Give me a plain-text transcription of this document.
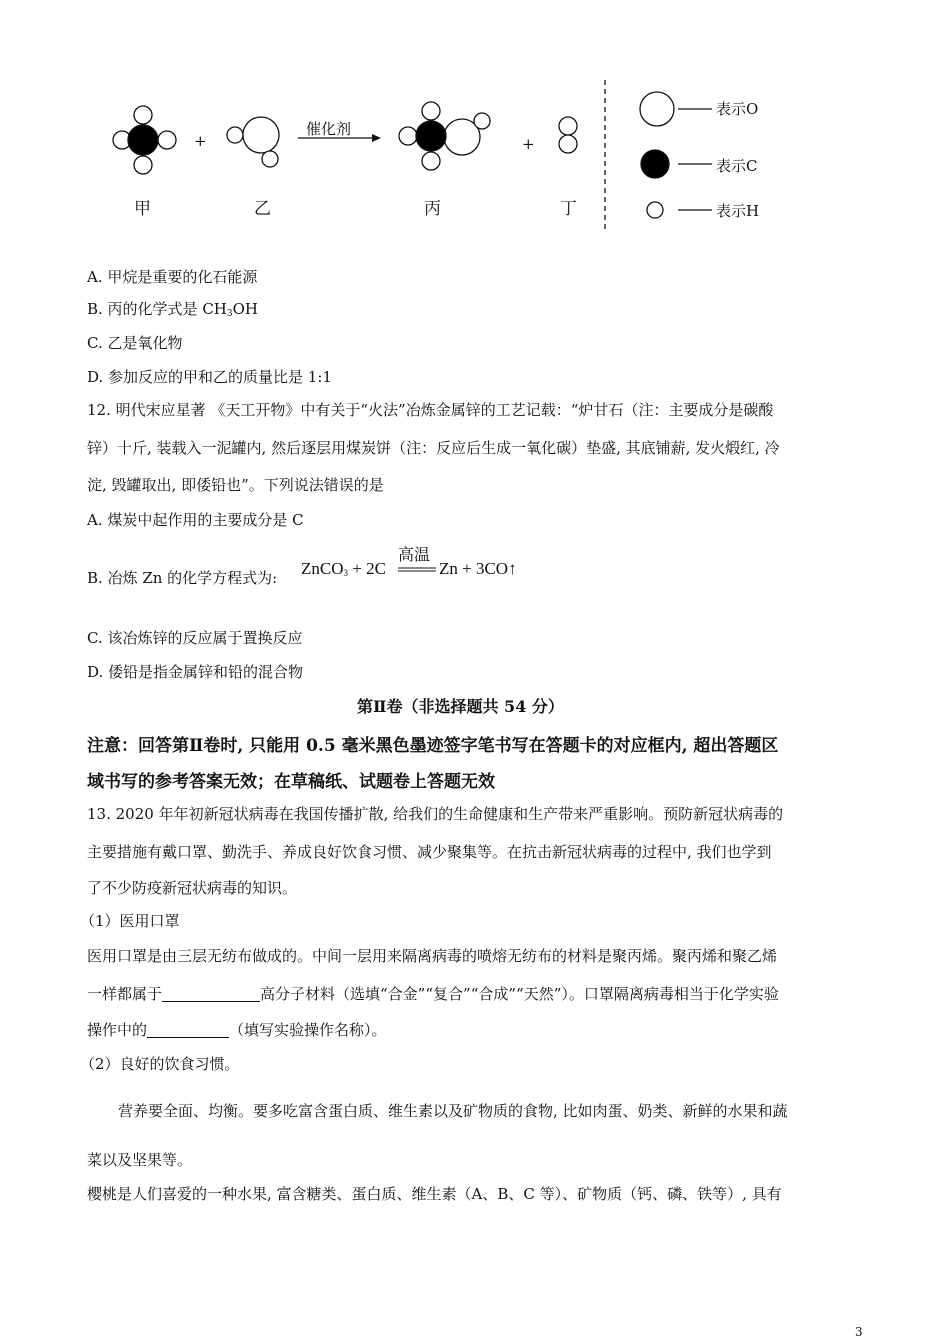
催化剂
+	+
甲	乙	丙	丁
表示O
表示C
表示H
A. 甲烷是重要的化石能源
B. 丙的化学式是 $CH_3OH$
C. 乙是氧化物
D. 参加反应的甲和乙的质量比是 1:1
12. 明代宋应星著 《天工开物》中有关于“火法”冶炼金属锌的工艺记载：“炉甘石（注：主要成分是碳酸
锌）十斤, 装载入一泥罐内, 然后逐层用煤炭饼（注：反应后生成一氧化碳）垫盛, 其底铺薪, 发火煅红, 冷
淀, 毁罐取出, 即倭铅也”。下列说法错误的是
A. 煤炭中起作用的主要成分是 C
B. 冶炼 Zn 的化学方程式为: ZnCO$_3$ + 2C
高温
Zn + 3CO↑
C. 该冶炼锌的反应属于置换反应
D. 倭铅是指金属锌和铅的混合物
第Ⅱ卷（非选择题共 54 分）
注意：回答第Ⅱ卷时, 只能用 0.5 毫米黑色墨迹签字笔书写在答题卡的对应框内, 超出答题区
域书写的参考答案无效；在草稿纸、试题卷上答题无效
13. 2020 年年初新冠状病毒在我国传播扩散, 给我们的生命健康和生产带来严重影响。预防新冠状病毒的
主要措施有戴口罩、勤洗手、养成良好饮食习惯、减少聚集等。在抗击新冠状病毒的过程中, 我们也学到
了不少防疫新冠状病毒的知识。
（1）医用口罩
医用口罩是由三层无纺布做成的。中间一层用来隔离病毒的喷熔无纺布的材料是聚丙烯。聚丙烯和聚乙烯
一样都属于	高分子材料（选填“合金”“复合”“合成”“天然”）。口罩隔离病毒相当于化学实验
操作中的	（填写实验操作名称）。
（2）良好的饮食习惯。
营养要全面、均衡。要多吃富含蛋白质、维生素以及矿物质的食物, 比如肉蛋、奶类、新鲜的水果和蔬
菜以及坚果等。
樱桃是人们喜爱的一种水果, 富含糖类、蛋白质、维生素（A、B、C 等）、矿物质（钙、磷、铁等）, 具有
3
